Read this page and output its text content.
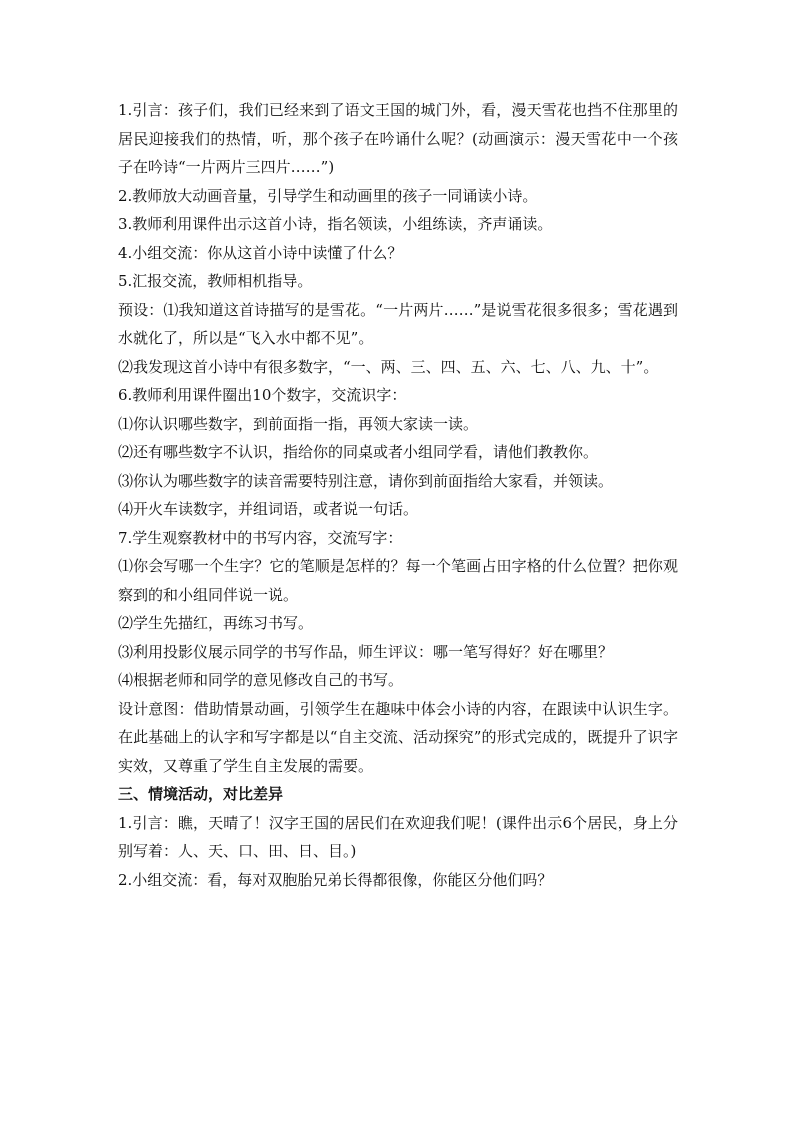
1.引言：孩子们，我们已经来到了语文王国的城门外，看，漫天雪花也挡不住那里的居民迎接我们的热情，听，那个孩子在吟诵什么呢？(动画演示：漫天雪花中一个孩子在吟诗“一片两片三四片……”)

2.教师放大动画音量，引导学生和动画里的孩子一同诵读小诗。

3.教师利用课件出示这首小诗，指名领读，小组练读，齐声诵读。

4.小组交流：你从这首小诗中读懂了什么？

5.汇报交流，教师相机指导。

预设：⑴我知道这首诗描写的是雪花。“一片两片……”是说雪花很多很多；雪花遇到水就化了，所以是“飞入水中都不见”。

⑵我发现这首小诗中有很多数字，“一、两、三、四、五、六、七、八、九、十”。

6.教师利用课件圈出10个数字，交流识字：

⑴你认识哪些数字，到前面指一指，再领大家读一读。

⑵还有哪些数字不认识，指给你的同桌或者小组同学看，请他们教教你。

⑶你认为哪些数字的读音需要特别注意，请你到前面指给大家看，并领读。

⑷开火车读数字，并组词语，或者说一句话。

7.学生观察教材中的书写内容，交流写字：

⑴你会写哪一个生字？它的笔顺是怎样的？每一个笔画占田字格的什么位置？把你观察到的和小组同伴说一说。

⑵学生先描红，再练习书写。

⑶利用投影仪展示同学的书写作品，师生评议：哪一笔写得好？好在哪里？

⑷根据老师和同学的意见修改自己的书写。

设计意图：借助情景动画，引领学生在趣味中体会小诗的内容，在跟读中认识生字。在此基础上的认字和写字都是以“自主交流、活动探究”的形式完成的，既提升了识字实效，又尊重了学生自主发展的需要。

三、情境活动，对比差异

1.引言：瞧，天晴了！汉字王国的居民们在欢迎我们呢！(课件出示6个居民，身上分别写着：人、天、口、田、日、目。)

2.小组交流：看，每对双胞胎兄弟长得都很像，你能区分他们吗？
